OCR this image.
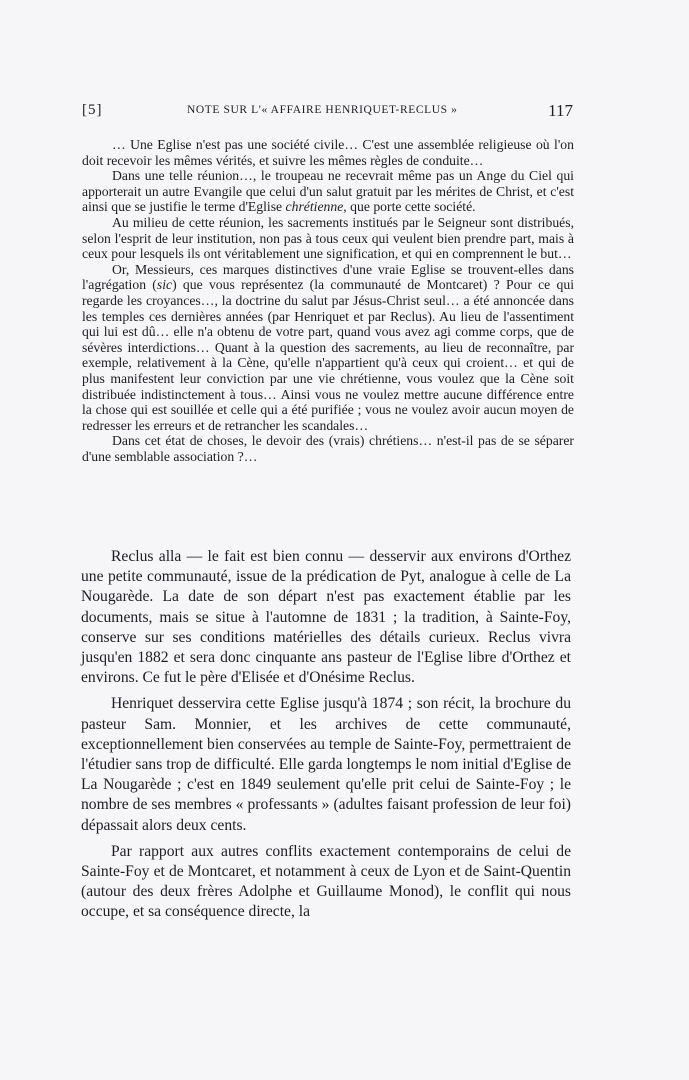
[5]	NOTE SUR L'« AFFAIRE HENRIQUET-RECLUS »	117

… Une Eglise n'est pas une société civile… C'est une assemblée religieuse où l'on doit recevoir les mêmes vérités, et suivre les mêmes règles de conduite…

Dans une telle réunion…, le troupeau ne recevrait même pas un Ange du Ciel qui apporterait un autre Evangile que celui d'un salut gratuit par les mérites de Christ, et c'est ainsi que se justifie le terme d'Eglise chrétienne, que porte cette société.

Au milieu de cette réunion, les sacrements institués par le Seigneur sont distribués, selon l'esprit de leur institution, non pas à tous ceux qui veulent bien prendre part, mais à ceux pour lesquels ils ont véritablement une signification, et qui en comprennent le but…

Or, Messieurs, ces marques distinctives d'une vraie Eglise se trouvent-elles dans l'agrégation (sic) que vous représentez (la communauté de Montcaret) ? Pour ce qui regarde les croyances…, la doctrine du salut par Jésus-Christ seul… a été annoncée dans les temples ces dernières années (par Henriquet et par Reclus). Au lieu de l'assentiment qui lui est dû… elle n'a obtenu de votre part, quand vous avez agi comme corps, que de sévères interdictions… Quant à la question des sacrements, au lieu de reconnaître, par exemple, relativement à la Cène, qu'elle n'appartient qu'à ceux qui croient… et qui de plus manifestent leur conviction par une vie chrétienne, vous voulez que la Cène soit distribuée indistinctement à tous… Ainsi vous ne voulez mettre aucune différence entre la chose qui est souillée et celle qui a été purifiée ; vous ne voulez avoir aucun moyen de redresser les erreurs et de retrancher les scandales…

Dans cet état de choses, le devoir des (vrais) chrétiens… n'est-il pas de se séparer d'une semblable association ?…

Reclus alla — le fait est bien connu — desservir aux environs d'Orthez une petite communauté, issue de la prédication de Pyt, analogue à celle de La Nougarède. La date de son départ n'est pas exactement établie par les documents, mais se situe à l'automne de 1831 ; la tradition, à Sainte-Foy, conserve sur ses conditions matérielles des détails curieux. Reclus vivra jusqu'en 1882 et sera donc cinquante ans pasteur de l'Eglise libre d'Orthez et environs. Ce fut le père d'Elisée et d'Onésime Reclus.

Henriquet desservira cette Eglise jusqu'à 1874 ; son récit, la brochure du pasteur Sam. Monnier, et les archives de cette communauté, exceptionnellement bien conservées au temple de Sainte-Foy, permettraient de l'étudier sans trop de difficulté. Elle garda longtemps le nom initial d'Eglise de La Nougarède ; c'est en 1849 seulement qu'elle prit celui de Sainte-Foy ; le nombre de ses membres « professants » (adultes faisant profession de leur foi) dépassait alors deux cents.

Par rapport aux autres conflits exactement contemporains de celui de Sainte-Foy et de Montcaret, et notamment à ceux de Lyon et de Saint-Quentin (autour des deux frères Adolphe et Guillaume Monod), le conflit qui nous occupe, et sa conséquence directe, la
